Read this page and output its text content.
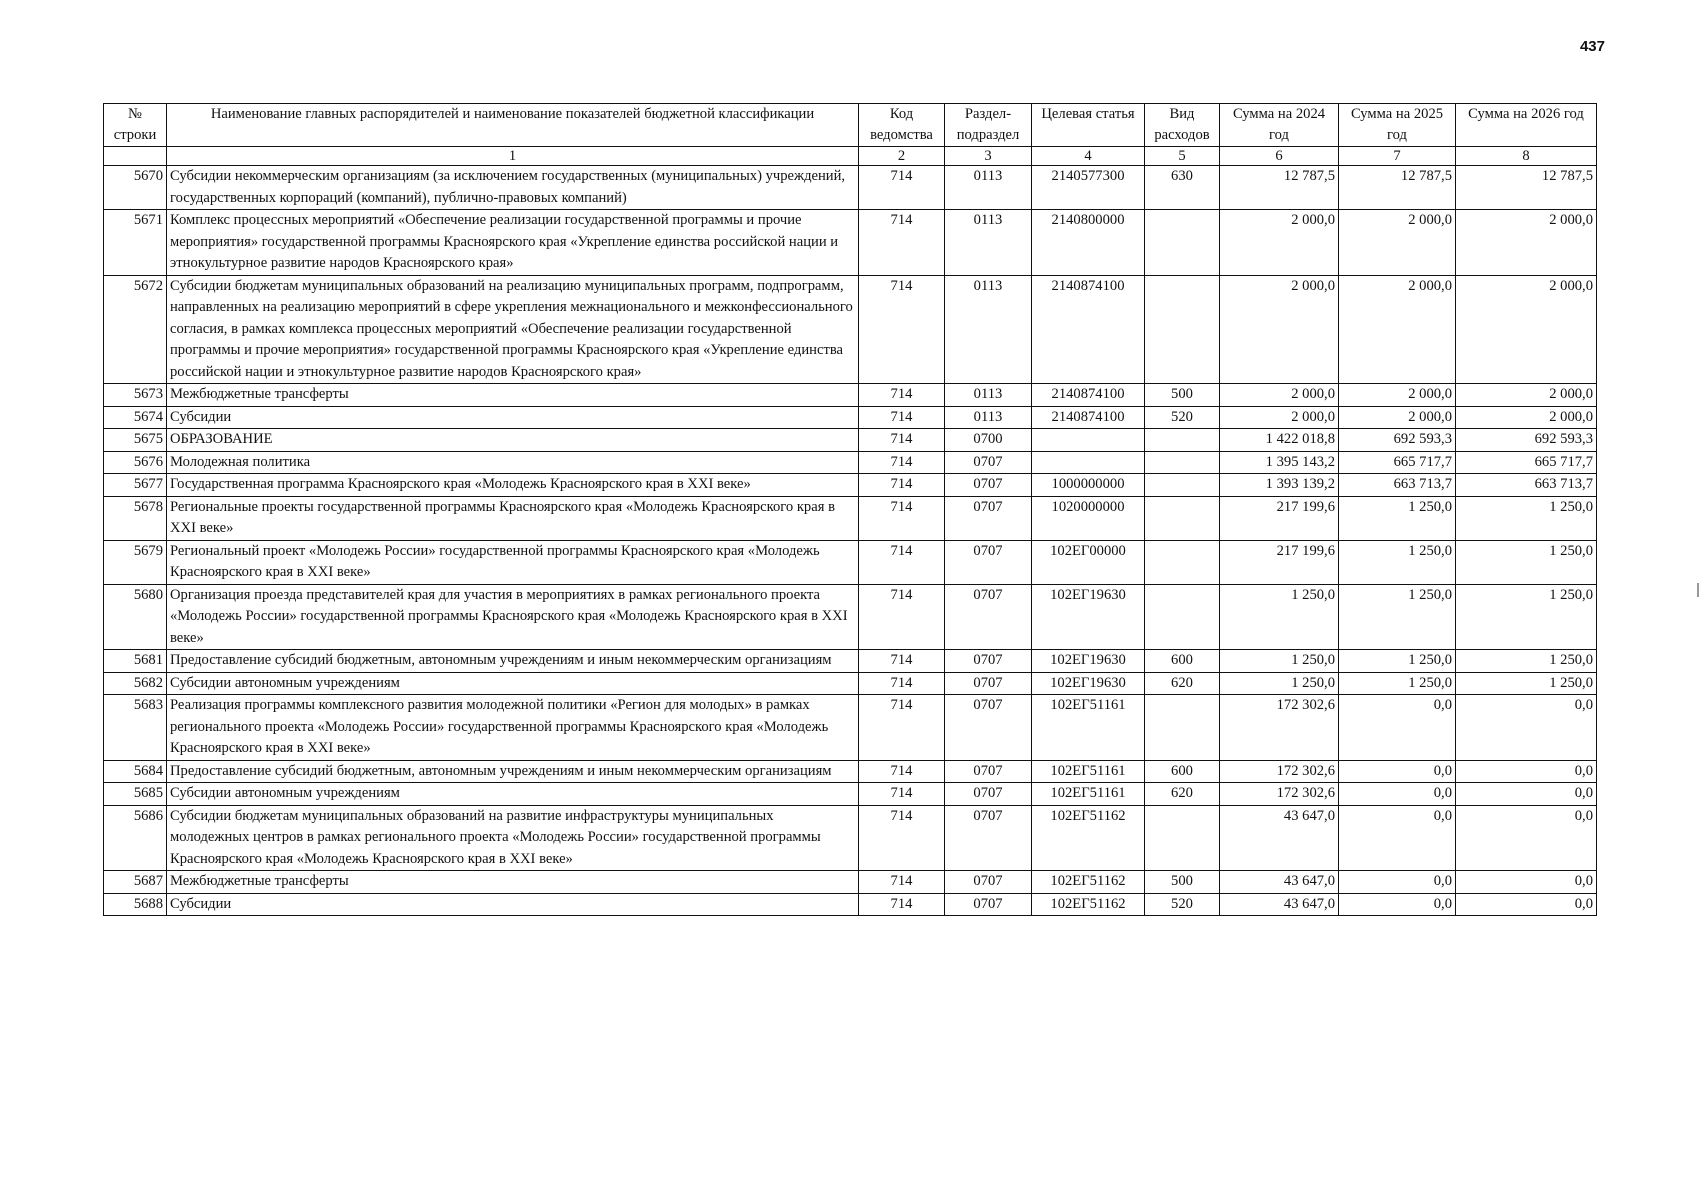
437
№ строки	Наименование главных распорядителей и наименование показателей бюджетной классификации	Код ведомства	Раздел-подраздел	Целевая статья	Вид расходов	Сумма на 2024 год	Сумма на 2025 год	Сумма на 2026 год
	1	2	3	4	5	6	7	8
5670	Субсидии некоммерческим организациям (за исключением государственных (муниципальных) учреждений, государственных корпораций (компаний), публично-правовых компаний)	714	0113	2140577300	630	12 787,5	12 787,5	12 787,5
5671	Комплекс процессных мероприятий «Обеспечение реализации государственной программы и прочие мероприятия» государственной программы Красноярского края «Укрепление единства российской нации и этнокультурное развитие народов Красноярского края»	714	0113	2140800000		2 000,0	2 000,0	2 000,0
5672	Субсидии бюджетам муниципальных образований на реализацию муниципальных программ, подпрограмм, направленных на реализацию мероприятий в сфере укрепления межнационального и межконфессионального согласия, в рамках комплекса процессных мероприятий «Обеспечение реализации государственной программы и прочие мероприятия» государственной программы Красноярского края «Укрепление единства российской нации и этнокультурное развитие народов Красноярского края»	714	0113	2140874100		2 000,0	2 000,0	2 000,0
5673	Межбюджетные трансферты	714	0113	2140874100	500	2 000,0	2 000,0	2 000,0
5674	Субсидии	714	0113	2140874100	520	2 000,0	2 000,0	2 000,0
5675	ОБРАЗОВАНИЕ	714	0700			1 422 018,8	692 593,3	692 593,3
5676	Молодежная политика	714	0707			1 395 143,2	665 717,7	665 717,7
5677	Государственная программа Красноярского края «Молодежь Красноярского края в XXI веке»	714	0707	1000000000		1 393 139,2	663 713,7	663 713,7
5678	Региональные проекты государственной программы Красноярского края «Молодежь Красноярского края в XXI веке»	714	0707	1020000000		217 199,6	1 250,0	1 250,0
5679	Региональный проект «Молодежь России» государственной программы Красноярского края «Молодежь Красноярского края в XXI веке»	714	0707	102ЕГ00000		217 199,6	1 250,0	1 250,0
5680	Организация проезда представителей края для участия в мероприятиях в рамках регионального проекта «Молодежь России» государственной программы Красноярского края «Молодежь Красноярского края в XXI веке»	714	0707	102ЕГ19630		1 250,0	1 250,0	1 250,0
5681	Предоставление субсидий бюджетным, автономным учреждениям и иным некоммерческим организациям	714	0707	102ЕГ19630	600	1 250,0	1 250,0	1 250,0
5682	Субсидии автономным учреждениям	714	0707	102ЕГ19630	620	1 250,0	1 250,0	1 250,0
5683	Реализация программы комплексного развития молодежной политики «Регион для молодых» в рамках регионального проекта «Молодежь России» государственной программы Красноярского края «Молодежь Красноярского края в XXI веке»	714	0707	102ЕГ51161		172 302,6	0,0	0,0
5684	Предоставление субсидий бюджетным, автономным учреждениям и иным некоммерческим организациям	714	0707	102ЕГ51161	600	172 302,6	0,0	0,0
5685	Субсидии автономным учреждениям	714	0707	102ЕГ51161	620	172 302,6	0,0	0,0
5686	Субсидии бюджетам муниципальных образований на развитие инфраструктуры муниципальных молодежных центров в рамках регионального проекта «Молодежь России» государственной программы Красноярского края «Молодежь Красноярского края в XXI веке»	714	0707	102ЕГ51162		43 647,0	0,0	0,0
5687	Межбюджетные трансферты	714	0707	102ЕГ51162	500	43 647,0	0,0	0,0
5688	Субсидии	714	0707	102ЕГ51162	520	43 647,0	0,0	0,0
